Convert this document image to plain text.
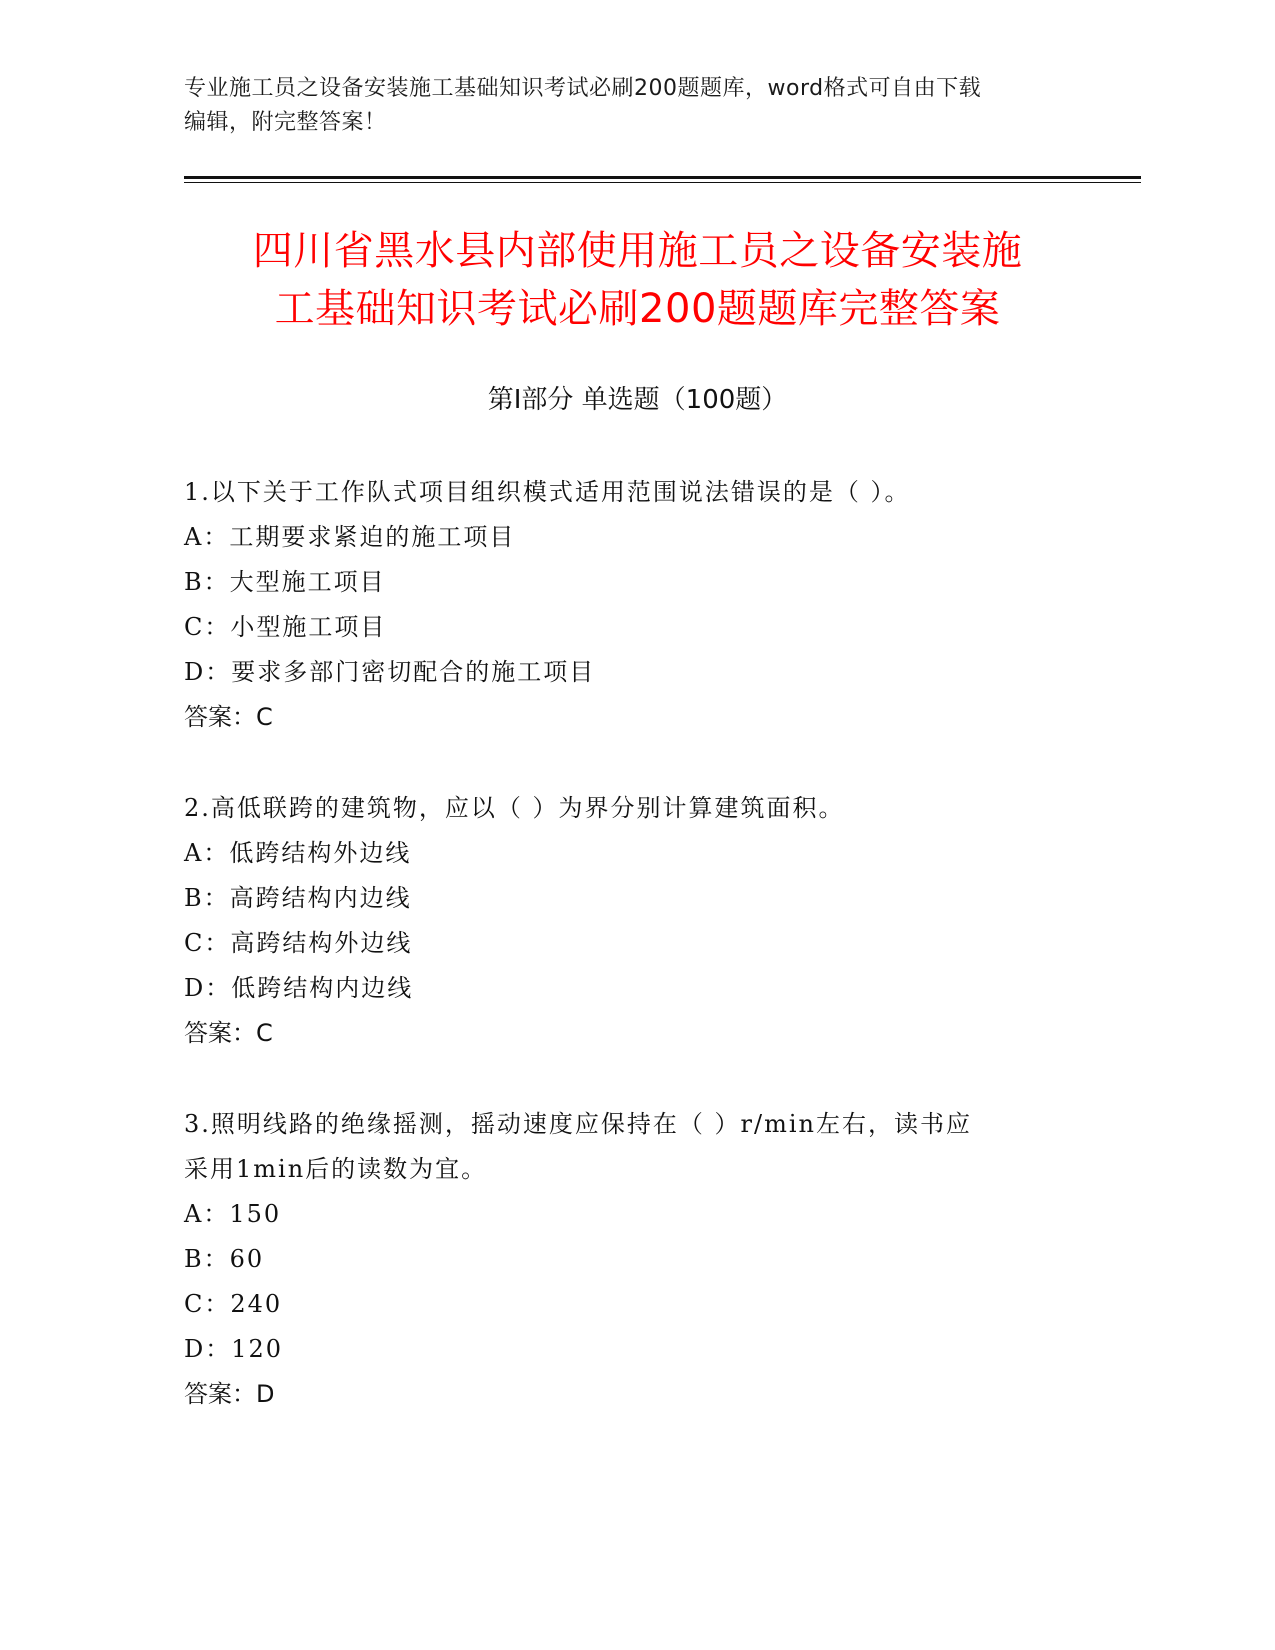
专业施工员之设备安装施工基础知识考试必刷200题题库，word格式可自由下载
编辑，附完整答案！
四川省黑水县内部使用施工员之设备安装施
工基础知识考试必刷200题题库完整答案
第Ⅰ部分 单选题（100题）

1.以下关于工作队式项目组织模式适用范围说法错误的是（ ）。

A：工期要求紧迫的施工项目

B：大型施工项目

C：小型施工项目

D：要求多部门密切配合的施工项目

答案：C

2.高低联跨的建筑物，应以（ ）为界分别计算建筑面积。

A：低跨结构外边线

B：高跨结构内边线

C：高跨结构外边线

D：低跨结构内边线

答案：C

3.照明线路的绝缘摇测，摇动速度应保持在（ ）r/min左右，读书应

采用1min后的读数为宜。

A：150

B：60

C：240

D：120

答案：D
